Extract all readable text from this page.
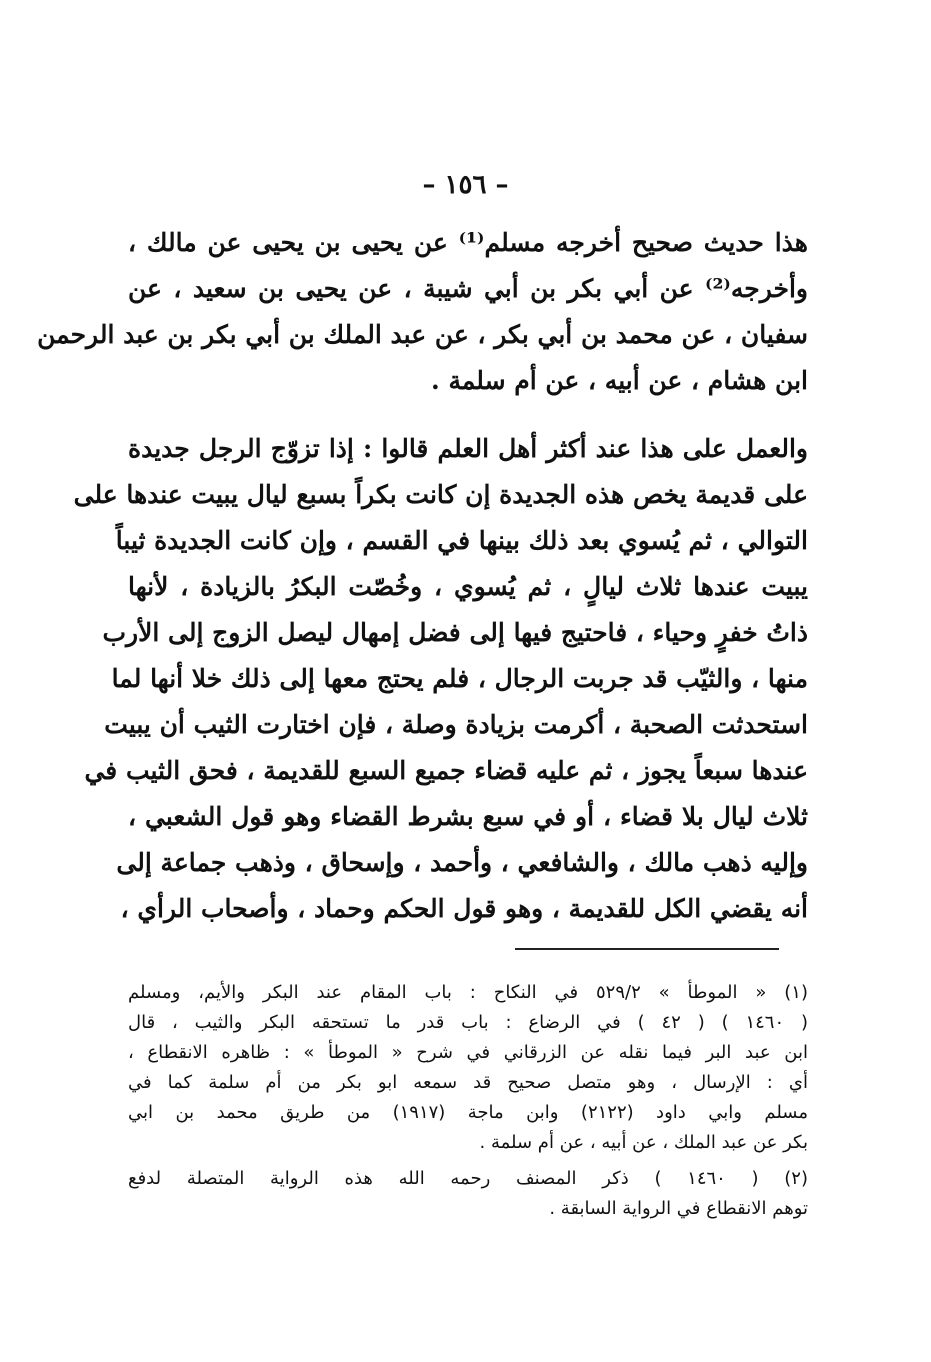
– ١٥٦ –
هذا حديث صحيح أخرجه مسلم⁽¹⁾ عن يحيى بن يحيى عن مالك ،
وأخرجه⁽²⁾ عن أبي بكر بن أبي شيبة ، عن يحيى بن سعيد ، عن
سفيان ، عن محمد بن أبي بكر ، عن عبد الملك بن أبي بكر بن عبد الرحمن
ابن هشام ، عن أبيه ، عن أم سلمة .
والعمل على هذا عند أكثر أهل العلم قالوا : إذا تزوّج الرجل جديدة
على قديمة يخص هذه الجديدة إن كانت بكراً بسبع ليال يبيت عندها على
التوالي ، ثم يُسوي بعد ذلك بينها في القسم ، وإن كانت الجديدة ثيباً
يبيت عندها ثلاث ليالٍ ، ثم يُسوي ، وخُصّت البكرُ بالزيادة ، لأنها
ذاتُ خفرٍ وحياء ، فاحتيج فيها إلى فضل إمهال ليصل الزوج إلى الأرب
منها ، والثيّب قد جربت الرجال ، فلم يحتج معها إلى ذلك خلا أنها لما
استحدثت الصحبة ، أكرمت بزيادة وصلة ، فإن اختارت الثيب أن يبيت
عندها سبعاً يجوز ، ثم عليه قضاء جميع السبع للقديمة ، فحق الثيب في
ثلاث ليال بلا قضاء ، أو في سبع بشرط القضاء وهو قول الشعبي ،
وإليه ذهب مالك ، والشافعي ، وأحمد ، وإسحاق ، وذهب جماعة إلى
أنه يقضي الكل للقديمة ، وهو قول الحكم وحماد ، وأصحاب الرأي ،
(١) « الموطأ » ٥٢٩/٢ في النكاح : باب المقام عند البكر والأيم، ومسلم
( ١٤٦٠ ) ( ٤٢ ) في الرضاع : باب قدر ما تستحقه البكر والثيب ، قال
ابن عبد البر فيما نقله عن الزرقاني في شرح « الموطأ » : ظاهره الانقطاع ،
أي : الإرسال ، وهو متصل صحيح قد سمعه ابو بكر من أم سلمة كما في
مسلم وابي داود (٢١٢٢) وابن ماجة (١٩١٧) من طريق محمد بن ابي
بكر عن عبد الملك ، عن أبيه ، عن أم سلمة .
(٢) ( ١٤٦٠ ) ذكر المصنف رحمه الله هذه الرواية المتصلة لدفع
توهم الانقطاع في الرواية السابقة .
